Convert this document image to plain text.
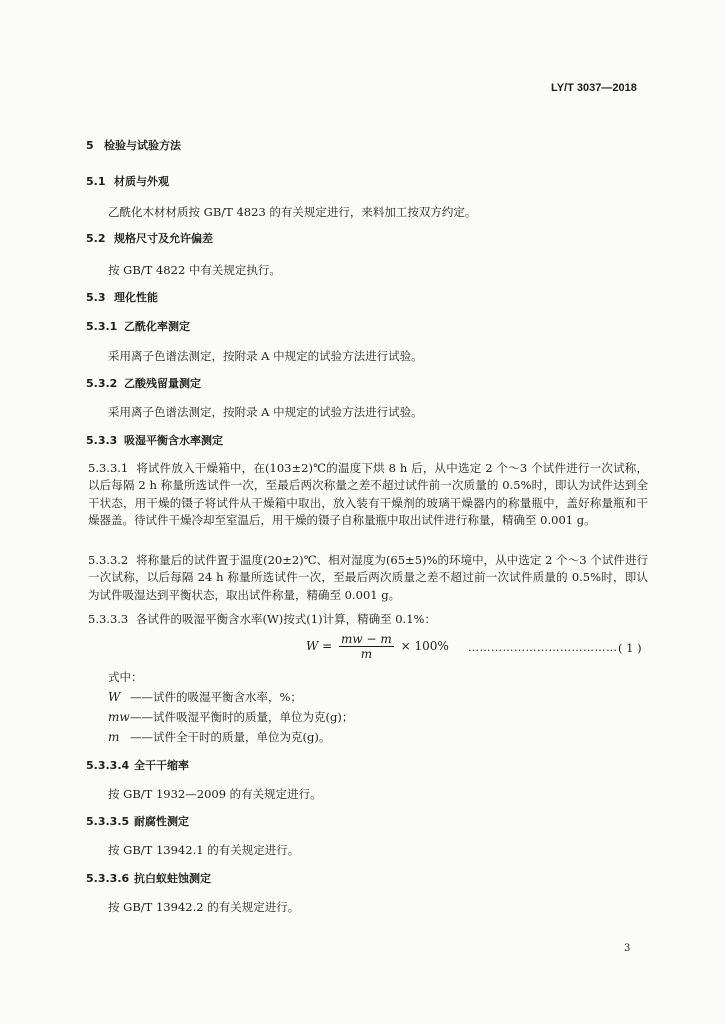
LY/T 3037—2018
5 检验与试验方法
5.1 材质与外观
乙酰化木材材质按 GB/T 4823 的有关规定进行，来料加工按双方约定。
5.2 规格尺寸及允许偏差
按 GB/T 4822 中有关规定执行。
5.3 理化性能
5.3.1 乙酰化率测定
采用离子色谱法测定，按附录 A 中规定的试验方法进行试验。
5.3.2 乙酸残留量测定
采用离子色谱法测定，按附录 A 中规定的试验方法进行试验。
5.3.3 吸湿平衡含水率测定
5.3.3.1 将试件放入干燥箱中，在(103±2)℃的温度下烘 8 h 后，从中选定 2 个～3 个试件进行一次试称，以后每隔 2 h 称量所选试件一次，至最后两次称量之差不超过试件前一次质量的 0.5%时，即认为试件达到全干状态，用干燥的镊子将试件从干燥箱中取出，放入装有干燥剂的玻璃干燥器内的称量瓶中，盖好称量瓶和干燥器盖。待试件干燥冷却至室温后，用干燥的镊子自称量瓶中取出试件进行称量，精确至 0.001 g。
5.3.3.2 将称量后的试件置于温度(20±2)℃、相对湿度为(65±5)%的环境中，从中选定 2 个～3 个试件进行一次试称，以后每隔 24 h 称量所选试件一次，至最后两次质量之差不超过前一次试件质量的 0.5%时，即认为试件吸湿达到平衡状态，取出试件称量，精确至 0.001 g。
5.3.3.3 各试件的吸湿平衡含水率(W)按式(1)计算，精确至 0.1%：
$W = \frac{mw - m}{m} \times 100\%$ ………………………………… ( 1 )
式中：
W ——试件的吸湿平衡含水率，%；
mw——试件吸湿平衡时的质量，单位为克(g)；
m ——试件全干时的质量，单位为克(g)。
5.3.3.4 全干干缩率
按 GB/T 1932—2009 的有关规定进行。
5.3.3.5 耐腐性测定
按 GB/T 13942.1 的有关规定进行。
5.3.3.6 抗白蚁蛀蚀测定
按 GB/T 13942.2 的有关规定进行。
3
